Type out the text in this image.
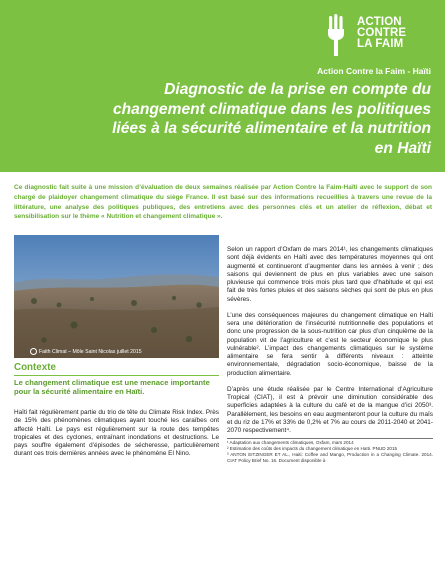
ACTION
CONTRE
LA FAIM
Action Contre la Faim - Haïti
Diagnostic de la prise en compte du changement climatique dans les politiques liées à la sécurité alimentaire et la nutrition en Haïti

Ce diagnostic fait suite à une mission d’évaluation de deux semaines réalisée par Action Contre la Faim-Haïti avec le support de son chargé de plaidoyer changement climatique du siège France. Il est basé sur des informations recueillies à travers une revue de la littérature, une analyse des politiques publiques, des entretiens avec des personnes clés et un atelier de réflexion, débat et sensibilisation sur le thème « Nutrition et changement climatique ».

Faith Climat – Môle Saint Nicolas juillet 2015
Contexte

Le changement climatique est une menace importante pour la sécurité alimentaire en Haïti.

Haïti fait régulièrement partie du trio de tête du Climate Risk Index. Près de 15% des phénomènes climatiques ayant touché les caraïbes ont affecté Haïti. Le pays est régulièrement sur la route des tempêtes tropicales et des cyclones, entraînant inondations et destructions. Le pays souffre également d’épisodes de sécheresse, particulièrement durant ces trois dernières années avec le phénomène El Nino.

Selon un rapport d’Oxfam de mars 2014¹, les changements climatiques sont déjà évidents en Haïti avec des températures moyennes qui ont augmenté et continueront d’augmenter dans les années à venir ; des saisons qui deviennent de plus en plus variables avec une saison pluvieuse qui commence trois mois plus tard que d’habitude et qui est fait de très fortes pluies et des saisons sèches qui sont de plus en plus sévères.

L’une des conséquences majeures du changement climatique en Haïti sera une détérioration de l’insécurité nutritionnelle des populations et donc une progression de la sous-nutrition car plus d’un cinquième de la population vit de l’agriculture et c’est le secteur économique le plus vulnérable². L’impact des changements climatiques sur le système alimentaire se fera sentir à différents niveaux : atteinte environnementale, dégradation socio-économique, baisse de la production alimentaire.

D’après une étude réalisée par le Centre International d’Agriculture Tropical (CIAT), il est à prévoir une diminution considérable des superficies adaptées à la culture du café et de la mangue d’ici 2050³. Parallèlement, les besoins en eau augmenteront pour la culture du maïs et du riz de 17% et 33% de 0,2% et 7% au cours de 2011-2040 et 2041-2070 respectivement⁴.

¹ Adaptation aux changements climatiques, Oxfam, mars 2014

² Estimation des coûts des impacts du changement climatique en Haïti. PNUD 2015

³ ANTON EITZINGER ET AL., Haiti: Coffee and Mango, Production in a Changing Climate. 2014. CIAT Policy Brief No. 16. Document disponible à
